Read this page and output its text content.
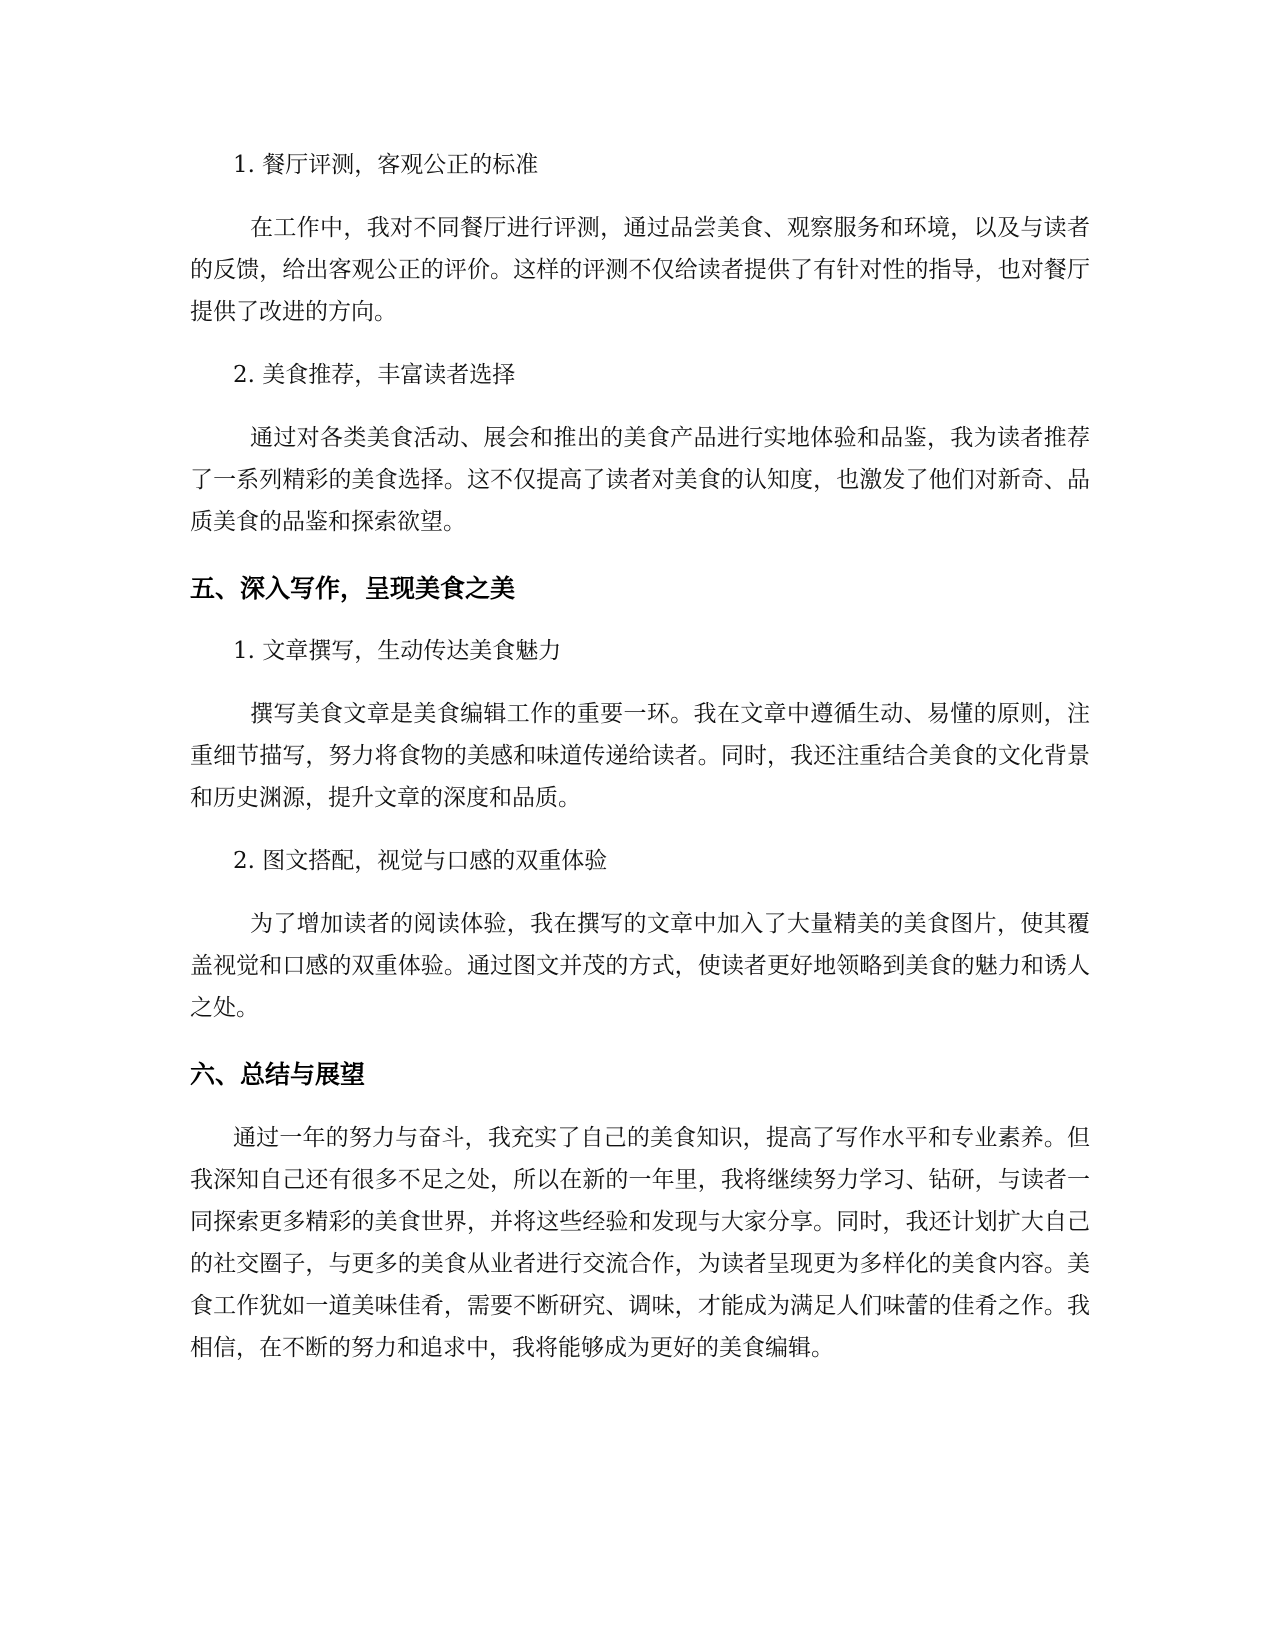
1. 餐厅评测，客观公正的标准

在工作中，我对不同餐厅进行评测，通过品尝美食、观察服务和环境，以及与读者的反馈，给出客观公正的评价。这样的评测不仅给读者提供了有针对性的指导，也对餐厅提供了改进的方向。

2. 美食推荐，丰富读者选择

通过对各类美食活动、展会和推出的美食产品进行实地体验和品鉴，我为读者推荐了一系列精彩的美食选择。这不仅提高了读者对美食的认知度，也激发了他们对新奇、品质美食的品鉴和探索欲望。

五、深入写作，呈现美食之美

1. 文章撰写，生动传达美食魅力

撰写美食文章是美食编辑工作的重要一环。我在文章中遵循生动、易懂的原则，注重细节描写，努力将食物的美感和味道传递给读者。同时，我还注重结合美食的文化背景和历史渊源，提升文章的深度和品质。

2. 图文搭配，视觉与口感的双重体验

为了增加读者的阅读体验，我在撰写的文章中加入了大量精美的美食图片，使其覆盖视觉和口感的双重体验。通过图文并茂的方式，使读者更好地领略到美食的魅力和诱人之处。

六、总结与展望

通过一年的努力与奋斗，我充实了自己的美食知识，提高了写作水平和专业素养。但我深知自己还有很多不足之处，所以在新的一年里，我将继续努力学习、钻研，与读者一同探索更多精彩的美食世界，并将这些经验和发现与大家分享。同时，我还计划扩大自己的社交圈子，与更多的美食从业者进行交流合作，为读者呈现更为多样化的美食内容。美食工作犹如一道美味佳肴，需要不断研究、调味，才能成为满足人们味蕾的佳肴之作。我相信，在不断的努力和追求中，我将能够成为更好的美食编辑。
